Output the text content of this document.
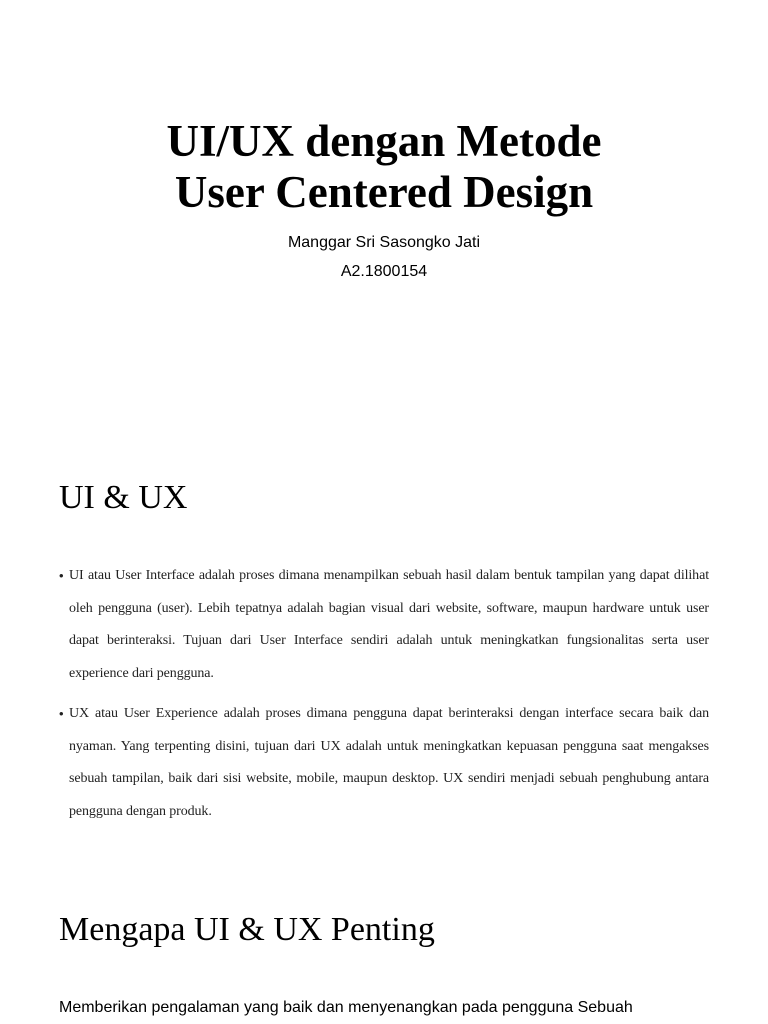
UI/UX dengan Metode
User Centered Design
Manggar Sri Sasongko Jati
A2.1800154
UI & UX
• UI atau User Interface adalah proses dimana menampilkan sebuah hasil dalam bentuk tampilan yang dapat dilihat oleh pengguna (user). Lebih tepatnya adalah bagian visual dari website, software, maupun hardware untuk user dapat berinteraksi. Tujuan dari User Interface sendiri adalah untuk meningkatkan fungsionalitas serta user experience dari pengguna.
• UX atau User Experience adalah proses dimana pengguna dapat berinteraksi dengan interface secara baik dan nyaman. Yang terpenting disini, tujuan dari UX adalah untuk meningkatkan kepuasan pengguna saat mengakses sebuah tampilan, baik dari sisi website, mobile, maupun desktop. UX sendiri menjadi sebuah penghubung antara pengguna dengan produk.
Mengapa UI & UX Penting

Memberikan pengalaman yang baik dan menyenangkan pada pengguna Sebuah
